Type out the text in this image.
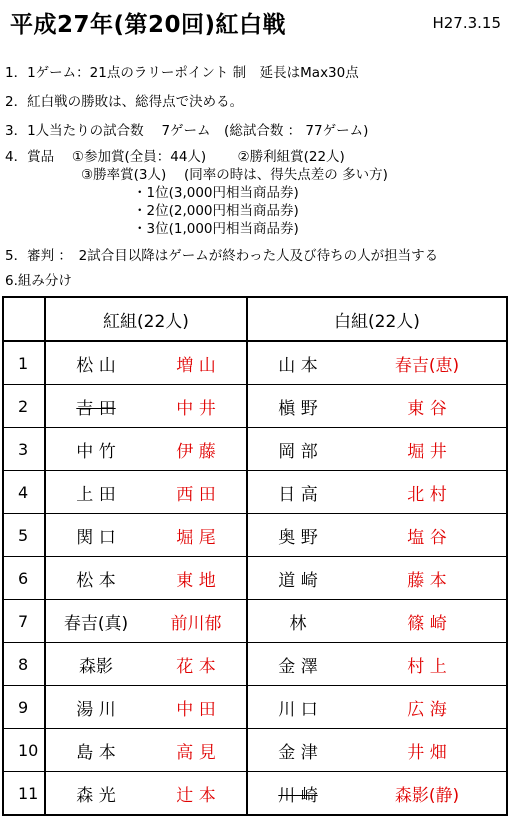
平成27年(第20回)紅白戦	H27.3.15
1．1ゲーム：21点のラリーポイント 制　延長はMax30点
2．紅白戦の勝敗は、総得点で決める。
3．1人当たりの試合数　 7ゲーム　(総試合数 ： 77ゲーム)
4．賞品　 ①参加賞(全員：44人)　　 ②勝利組賞(22人)
③勝率賞(3人)　 (同率の時は、得失点差の 多い方)
・1位(3,000円相当商品券)
・2位(2,000円相当商品券)
・3位(1,000円相当商品券)
5．審判 ：　2試合目以降はゲームが終わった人及び待ちの人が担当する
6.組み分け
	紅組(22人)		白組(22人)	
1	松 山	増 山	山 本	春吉(恵)
2	吉 田	中 井	槇 野	東 谷
3	中 竹	伊 藤	岡 部	堀 井
4	上 田	西 田	日 高	北 村
5	関 口	堀 尾	奥 野	塩 谷
6	松 本	東 地	道 崎	藤 本
7	春吉(真)	前川郁	林	篠 崎
8	森影	花 本	金 澤	村 上
9	湯 川	中 田	川 口	広 海
10	島 本	高 見	金 津	井 畑
11	森 光	辻 本	川 崎	森影(静)
